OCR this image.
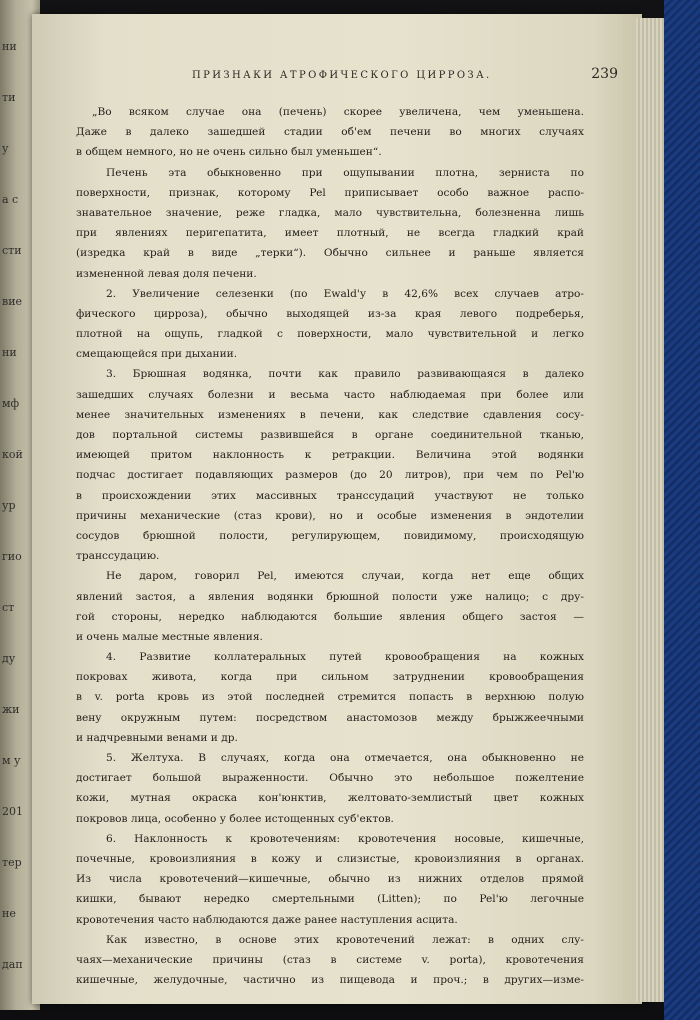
ни
ти
у
а с
сти
вие
ни
мф
кой
ур
гио
ст
ду
жи
м у
201
тер
не
дап
ПРИЗНАКИ АТРОФИЧЕСКОГО ЦИРРОЗА.	239
„Во всяком случае она (печень) скорее увеличена, чем уменьшена.
Даже в далеко зашедшей стадии об'ем печени во многих случаях
в общем немного, но не очень сильно был уменьшен“.
Печень эта обыкновенно при ощупывании плотна, зерниста по
поверхности, признак, которому Pel приписывает особо важное распо-
знавательное значение, реже гладка, мало чувствительна, болезненна лишь
при явлениях перигепатита, имеет плотный, не всегда гладкий край
(изредка край в виде „терки“). Обычно сильнее и раньше является
измененной левая доля печени.
2. Увеличение селезенки (по Ewald'у в 42,6% всех случаев атро-
фического цирроза), обычно выходящей из-за края левого подреберья,
плотной на ощупь, гладкой с поверхности, мало чувствительной и легко
смещающейся при дыхании.
3. Брюшная водянка, почти как правило развивающаяся в далеко
зашедших случаях болезни и весьма часто наблюдаемая при более или
менее значительных изменениях в печени, как следствие сдавления сосу-
дов портальной системы развившейся в органе соединительной тканью,
имеющей притом наклонность к ретракции. Величина этой водянки
подчас достигает подавляющих размеров (до 20 литров), при чем по Pel'ю
в происхождении этих массивных транссудаций участвуют не только
причины механические (стаз крови), но и особые изменения в эндотелии
сосудов брюшной полости, регулирующем, повидимому, происходящую
транссудацию.
Не даром, говорил Pel, имеются случаи, когда нет еще общих
явлений застоя, а явления водянки брюшной полости уже налицо; с дру-
гой стороны, нередко наблюдаются большие явления общего застоя —
и очень малые местные явления.
4. Развитие коллатеральных путей кровообращения на кожных
покровах живота, когда при сильном затруднении кровообращения
в v. porta кровь из этой последней стремится попасть в верхнюю полую
вену окружным путем: посредством анастомозов между брыжжеечными
и надчревными венами и др.
5. Желтуха. В случаях, когда она отмечается, она обыкновенно не
достигает большой выраженности. Обычно это небольшое пожелтение
кожи, мутная окраска кон'юнктив, желтовато-землистый цвет кожных
покровов лица, особенно у более истощенных суб'ектов.
6. Наклонность к кровотечениям: кровотечения носовые, кишечные,
почечные, кровоизлияния в кожу и слизистые, кровоизлияния в органах.
Из числа кровотечений—кишечные, обычно из нижних отделов прямой
кишки, бывают нередко смертельными (Litten); по Pel'ю легочные
кровотечения часто наблюдаются даже ранее наступления асцита.
Как известно, в основе этих кровотечений лежат: в одних слу-
чаях—механические причины (стаз в системе v. porta), кровотечения
кишечные, желудочные, частично из пищевода и проч.; в других—изме-
